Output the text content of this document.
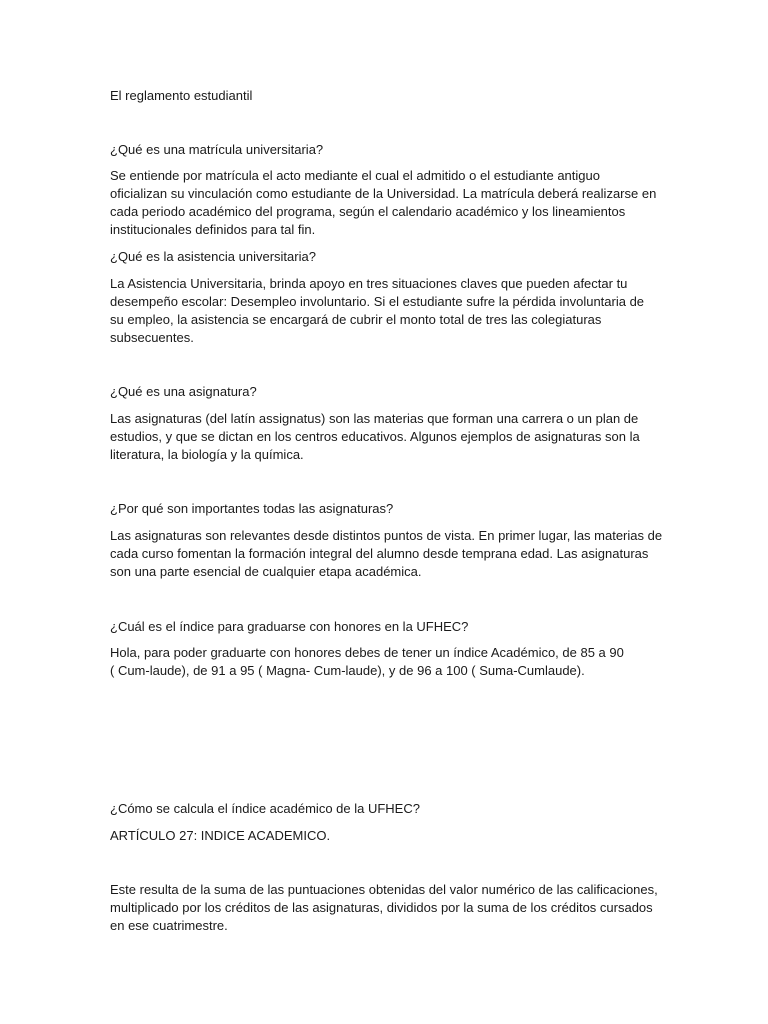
El reglamento estudiantil

¿Qué es una matrícula universitaria?

Se entiende por matrícula el acto mediante el cual el admitido o el estudiante antiguo
oficializan su vinculación como estudiante de la Universidad. La matrícula deberá realizarse en
cada periodo académico del programa, según el calendario académico y los lineamientos
institucionales definidos para tal fin.

¿Qué es la asistencia universitaria?

La Asistencia Universitaria, brinda apoyo en tres situaciones claves que pueden afectar tu
desempeño escolar: Desempleo involuntario. Si el estudiante sufre la pérdida involuntaria de
su empleo, la asistencia se encargará de cubrir el monto total de tres las colegiaturas
subsecuentes.

¿Qué es una asignatura?

Las asignaturas (del latín assignatus) son las materias que forman una carrera o un plan de
estudios, y que se dictan en los centros educativos. Algunos ejemplos de asignaturas son la
literatura, la biología y la química.

¿Por qué son importantes todas las asignaturas?

Las asignaturas son relevantes desde distintos puntos de vista. En primer lugar, las materias de
cada curso fomentan la formación integral del alumno desde temprana edad. Las asignaturas
son una parte esencial de cualquier etapa académica.

¿Cuál es el índice para graduarse con honores en la UFHEC?

Hola, para poder graduarte con honores debes de tener un índice Académico, de 85 a 90
( Cum-laude), de 91 a 95 ( Magna- Cum-laude), y de 96 a 100 ( Suma-Cumlaude).

¿Cómo se calcula el índice académico de la UFHEC?

ARTÍCULO 27: INDICE ACADEMICO.

Este resulta de la suma de las puntuaciones obtenidas del valor numérico de las calificaciones,
multiplicado por los créditos de las asignaturas, divididos por la suma de los créditos cursados
en ese cuatrimestre.
